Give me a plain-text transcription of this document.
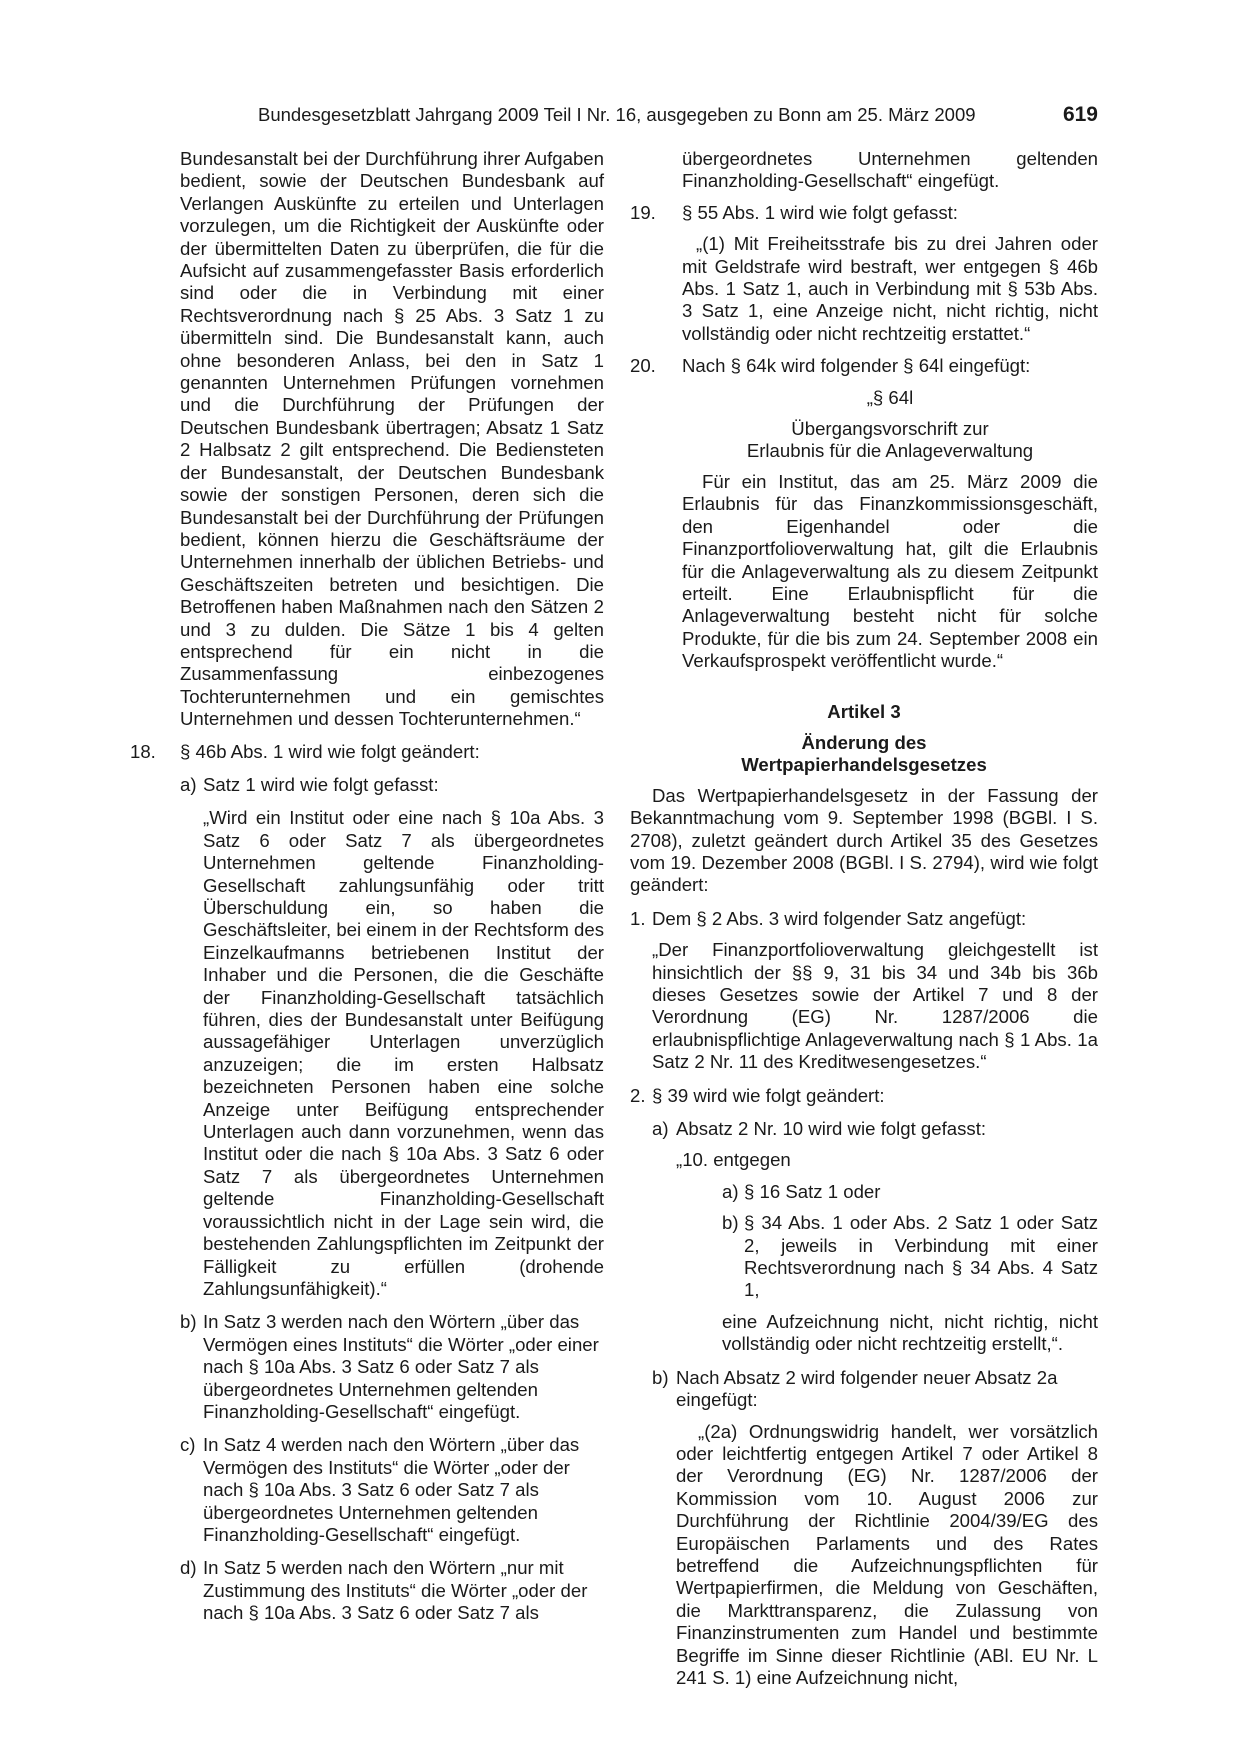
Bundesgesetzblatt Jahrgang 2009 Teil I Nr. 16, ausgegeben zu Bonn am 25. März 2009	619

Bundesanstalt bei der Durchführung ihrer Aufgaben bedient, sowie der Deutschen Bundesbank auf Verlangen Auskünfte zu erteilen und Unterlagen vorzulegen, um die Richtigkeit der Auskünfte oder der übermittelten Daten zu überprüfen, die für die Aufsicht auf zusammengefasster Basis erforderlich sind oder die in Verbindung mit einer Rechtsverordnung nach § 25 Abs. 3 Satz 1 zu übermitteln sind. Die Bundesanstalt kann, auch ohne besonderen Anlass, bei den in Satz 1 genannten Unternehmen Prüfungen vornehmen und die Durchführung der Prüfungen der Deutschen Bundesbank übertragen; Absatz 1 Satz 2 Halbsatz 2 gilt entsprechend. Die Bediensteten der Bundesanstalt, der Deutschen Bundesbank sowie der sonstigen Personen, deren sich die Bundesanstalt bei der Durchführung der Prüfungen bedient, können hierzu die Geschäftsräume der Unternehmen innerhalb der üblichen Betriebs- und Geschäftszeiten betreten und besichtigen. Die Betroffenen haben Maßnahmen nach den Sätzen 2 und 3 zu dulden. Die Sätze 1 bis 4 gelten entsprechend für ein nicht in die Zusammenfassung einbezogenes Tochterunternehmen und ein gemischtes Unternehmen und dessen Tochterunternehmen.“

18.	§ 46b Abs. 1 wird wie folgt geändert:
a) Satz 1 wird wie folgt gefasst:

„Wird ein Institut oder eine nach § 10a Abs. 3 Satz 6 oder Satz 7 als übergeordnetes Unternehmen geltende Finanzholding-Gesellschaft zahlungsunfähig oder tritt Überschuldung ein, so haben die Geschäftsleiter, bei einem in der Rechtsform des Einzelkaufmanns betriebenen Institut der Inhaber und die Personen, die die Geschäfte der Finanzholding-Gesellschaft tatsächlich führen, dies der Bundesanstalt unter Beifügung aussagefähiger Unterlagen unverzüglich anzuzeigen; die im ersten Halbsatz bezeichneten Personen haben eine solche Anzeige unter Beifügung entsprechender Unterlagen auch dann vorzunehmen, wenn das Institut oder die nach § 10a Abs. 3 Satz 6 oder Satz 7 als übergeordnetes Unternehmen geltende Finanzholding-Gesellschaft voraussichtlich nicht in der Lage sein wird, die bestehenden Zahlungspflichten im Zeitpunkt der Fälligkeit zu erfüllen (drohende Zahlungsunfähigkeit).“

b) In Satz 3 werden nach den Wörtern „über das Vermögen eines Instituts“ die Wörter „oder einer nach § 10a Abs. 3 Satz 6 oder Satz 7 als übergeordnetes Unternehmen geltenden Finanzholding-Gesellschaft“ eingefügt.
c) In Satz 4 werden nach den Wörtern „über das Vermögen des Instituts“ die Wörter „oder der nach § 10a Abs. 3 Satz 6 oder Satz 7 als übergeordnetes Unternehmen geltenden Finanzholding-Gesellschaft“ eingefügt.
d) In Satz 5 werden nach den Wörtern „nur mit Zustimmung des Instituts“ die Wörter „oder der nach § 10a Abs. 3 Satz 6 oder Satz 7 als

übergeordnetes Unternehmen geltenden Finanzholding-Gesellschaft“ eingefügt.

19.	§ 55 Abs. 1 wird wie folgt gefasst:

„(1) Mit Freiheitsstrafe bis zu drei Jahren oder mit Geldstrafe wird bestraft, wer entgegen § 46b Abs. 1 Satz 1, auch in Verbindung mit § 53b Abs. 3 Satz 1, eine Anzeige nicht, nicht richtig, nicht vollständig oder nicht rechtzeitig erstattet.“

20.	Nach § 64k wird folgender § 64l eingefügt:

„§ 64l

Übergangsvorschrift zur

Erlaubnis für die Anlageverwaltung

Für ein Institut, das am 25. März 2009 die Erlaubnis für das Finanzkommissionsgeschäft, den Eigenhandel oder die Finanzportfolioverwaltung hat, gilt die Erlaubnis für die Anlageverwaltung als zu diesem Zeitpunkt erteilt. Eine Erlaubnispflicht für die Anlageverwaltung besteht nicht für solche Produkte, für die bis zum 24. September 2008 ein Verkaufsprospekt veröffentlicht wurde.“

Artikel 3

Änderung des

Wertpapierhandelsgesetzes

Das Wertpapierhandelsgesetz in der Fassung der Bekanntmachung vom 9. September 1998 (BGBl. I S. 2708), zuletzt geändert durch Artikel 35 des Gesetzes vom 19. Dezember 2008 (BGBl. I S. 2794), wird wie folgt geändert:

1. Dem § 2 Abs. 3 wird folgender Satz angefügt:

„Der Finanzportfolioverwaltung gleichgestellt ist hinsichtlich der §§ 9, 31 bis 34 und 34b bis 36b dieses Gesetzes sowie der Artikel 7 und 8 der Verordnung (EG) Nr. 1287/2006 die erlaubnispflichtige Anlageverwaltung nach § 1 Abs. 1a Satz 2 Nr. 11 des Kreditwesengesetzes.“

2. § 39 wird wie folgt geändert:
a) Absatz 2 Nr. 10 wird wie folgt gefasst:

„10. entgegen

a) § 16 Satz 1 oder
b) § 34 Abs. 1 oder Abs. 2 Satz 1 oder Satz 2, jeweils in Verbindung mit einer Rechtsverordnung nach § 34 Abs. 4 Satz 1,

eine Aufzeichnung nicht, nicht richtig, nicht vollständig oder nicht rechtzeitig erstellt,“.

b) Nach Absatz 2 wird folgender neuer Absatz 2a eingefügt:

„(2a) Ordnungswidrig handelt, wer vorsätzlich oder leichtfertig entgegen Artikel 7 oder Artikel 8 der Verordnung (EG) Nr. 1287/2006 der Kommission vom 10. August 2006 zur Durchführung der Richtlinie 2004/39/EG des Europäischen Parlaments und des Rates betreffend die Aufzeichnungspflichten für Wertpapierfirmen, die Meldung von Geschäften, die Markttransparenz, die Zulassung von Finanzinstrumenten zum Handel und bestimmte Begriffe im Sinne dieser Richtlinie (ABl. EU Nr. L 241 S. 1) eine Aufzeichnung nicht,
